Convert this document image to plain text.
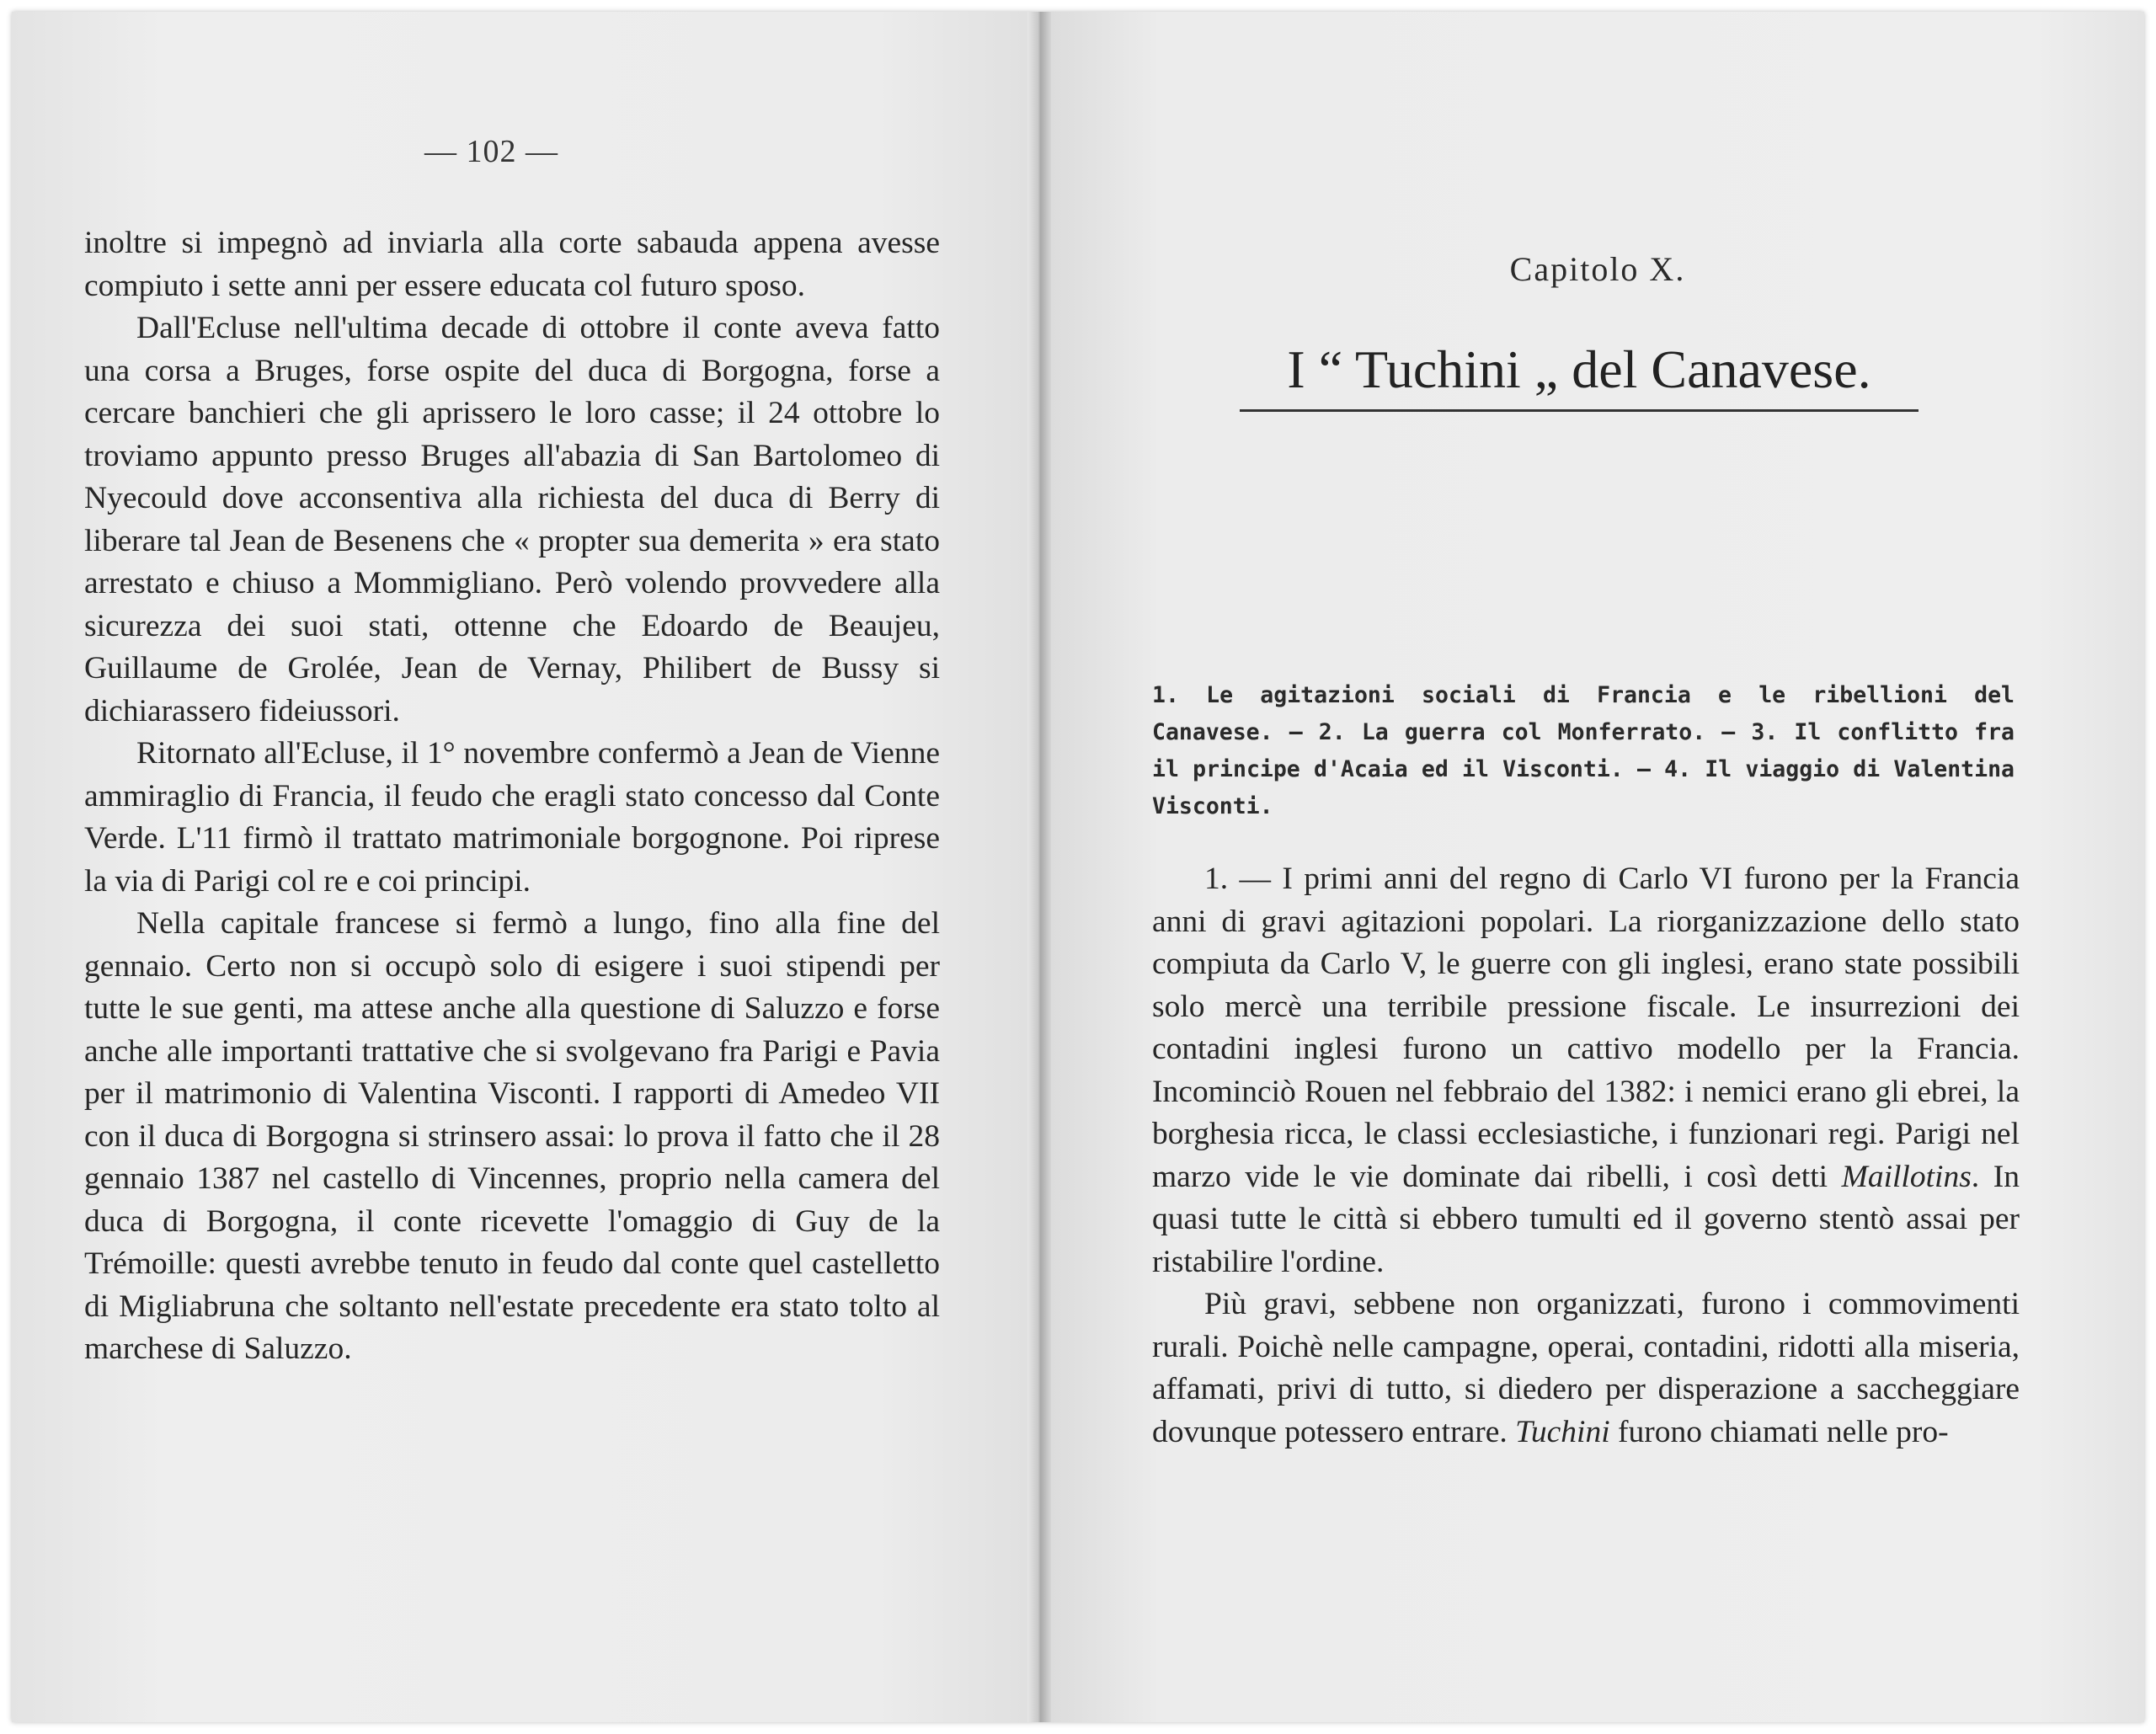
— 102 —

inoltre si impegnò ad inviarla alla corte sabauda appena avesse compiuto i sette anni per essere educata col futuro sposo.

Dall'Ecluse nell'ultima decade di ottobre il conte aveva fatto una corsa a Bruges, forse ospite del duca di Borgogna, forse a cercare banchieri che gli aprissero le loro casse; il 24 ottobre lo troviamo appunto presso Bruges all'abazia di San Bartolomeo di Nyecould dove acconsentiva alla richiesta del duca di Berry di liberare tal Jean de Besenens che « propter sua demerita » era stato arrestato e chiuso a Mommigliano. Però volendo provvedere alla sicurezza dei suoi stati, ottenne che Edoardo de Beaujeu, Guillaume de Grolée, Jean de Vernay, Philibert de Bussy si dichiarassero fideiussori.

Ritornato all'Ecluse, il 1° novembre confermò a Jean de Vienne ammiraglio di Francia, il feudo che eragli stato concesso dal Conte Verde. L'11 firmò il trattato matrimoniale borgognone. Poi riprese la via di Parigi col re e coi principi.

Nella capitale francese si fermò a lungo, fino alla fine del gennaio. Certo non si occupò solo di esigere i suoi stipendi per tutte le sue genti, ma attese anche alla questione di Saluzzo e forse anche alle importanti trattative che si svolgevano fra Parigi e Pavia per il matrimonio di Valentina Visconti. I rapporti di Amedeo VII con il duca di Borgogna si strinsero assai: lo prova il fatto che il 28 gennaio 1387 nel castello di Vincennes, proprio nella camera del duca di Borgogna, il conte ricevette l'omaggio di Guy de la Trémoille: questi avrebbe tenuto in feudo dal conte quel castelletto di Migliabruna che soltanto nell'estate precedente era stato tolto al marchese di Saluzzo.

Capitolo X.
I “ Tuchini „ del Canavese.
1. Le agitazioni sociali di Francia e le ribellioni del Canavese. — 2. La guerra col Monferrato. — 3. Il conflitto fra il principe d'Acaia ed il Visconti. — 4. Il viaggio di Valentina Visconti.

1. — I primi anni del regno di Carlo VI furono per la Francia anni di gravi agitazioni popolari. La riorganizzazione dello stato compiuta da Carlo V, le guerre con gli inglesi, erano state possibili solo mercè una terribile pressione fiscale. Le insurrezioni dei contadini inglesi furono un cattivo modello per la Francia. Incominciò Rouen nel febbraio del 1382: i nemici erano gli ebrei, la borghesia ricca, le classi ecclesiastiche, i funzionari regi. Parigi nel marzo vide le vie dominate dai ribelli, i così detti Maillotins. In quasi tutte le città si ebbero tumulti ed il governo stentò assai per ristabilire l'ordine.

Più gravi, sebbene non organizzati, furono i commovimenti rurali. Poichè nelle campagne, operai, contadini, ridotti alla miseria, affamati, privi di tutto, si diedero per disperazione a saccheggiare dovunque potessero entrare. Tuchini furono chiamati nelle pro-
